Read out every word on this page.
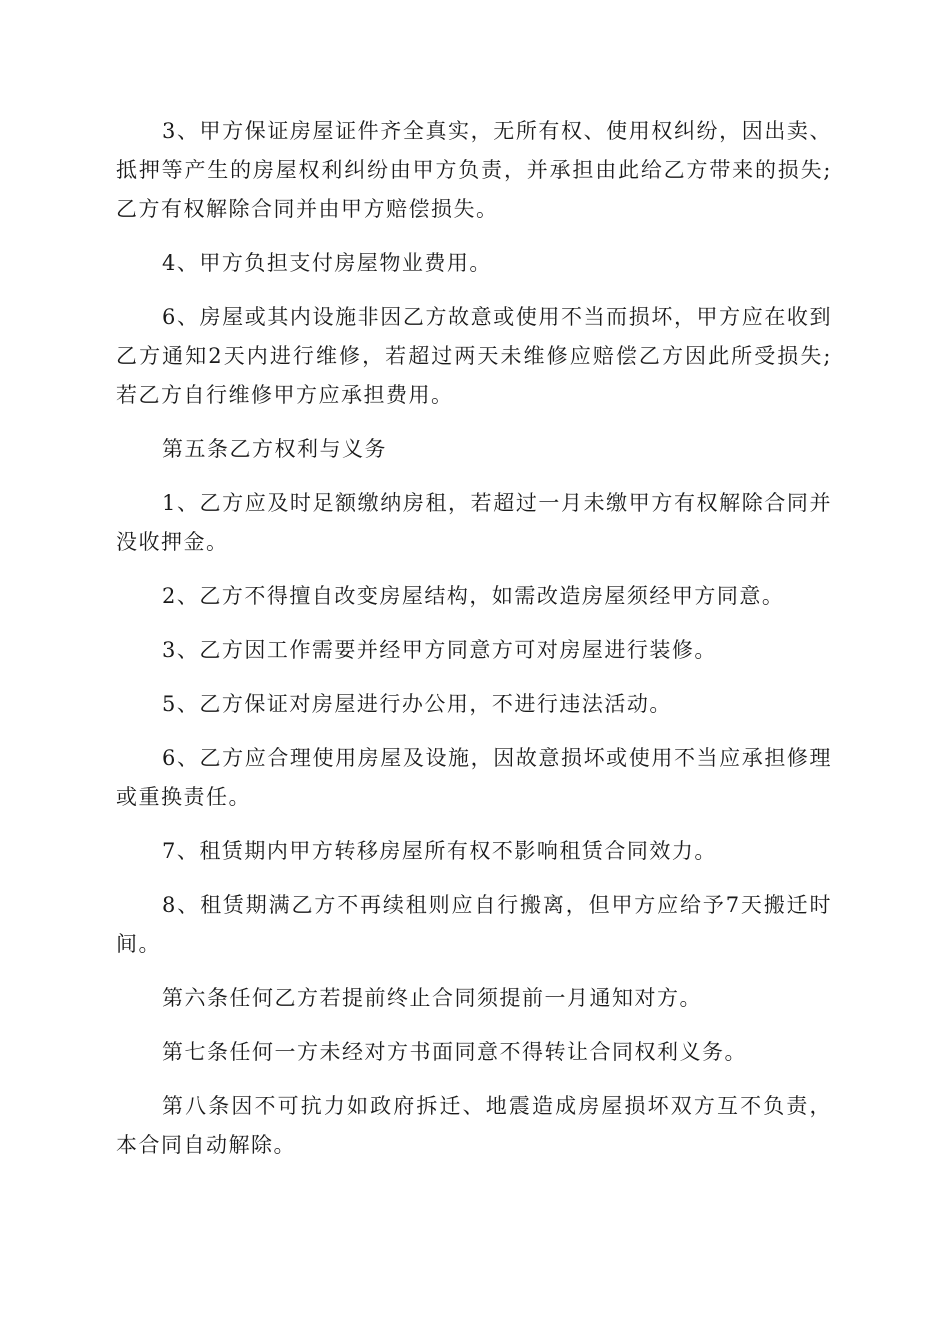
3、甲方保证房屋证件齐全真实，无所有权、使用权纠纷，因出卖、抵押等产生的房屋权利纠纷由甲方负责，并承担由此给乙方带来的损失;乙方有权解除合同并由甲方赔偿损失。

4、甲方负担支付房屋物业费用。

6、房屋或其内设施非因乙方故意或使用不当而损坏，甲方应在收到乙方通知2天内进行维修，若超过两天未维修应赔偿乙方因此所受损失;若乙方自行维修甲方应承担费用。

第五条乙方权利与义务

1、乙方应及时足额缴纳房租，若超过一月未缴甲方有权解除合同并没收押金。

2、乙方不得擅自改变房屋结构，如需改造房屋须经甲方同意。

3、乙方因工作需要并经甲方同意方可对房屋进行装修。

5、乙方保证对房屋进行办公用，不进行违法活动。

6、乙方应合理使用房屋及设施，因故意损坏或使用不当应承担修理或重换责任。

7、租赁期内甲方转移房屋所有权不影响租赁合同效力。

8、租赁期满乙方不再续租则应自行搬离，但甲方应给予7天搬迁时间。

第六条任何乙方若提前终止合同须提前一月通知对方。

第七条任何一方未经对方书面同意不得转让合同权利义务。

第八条因不可抗力如政府拆迁、地震造成房屋损坏双方互不负责，本合同自动解除。
